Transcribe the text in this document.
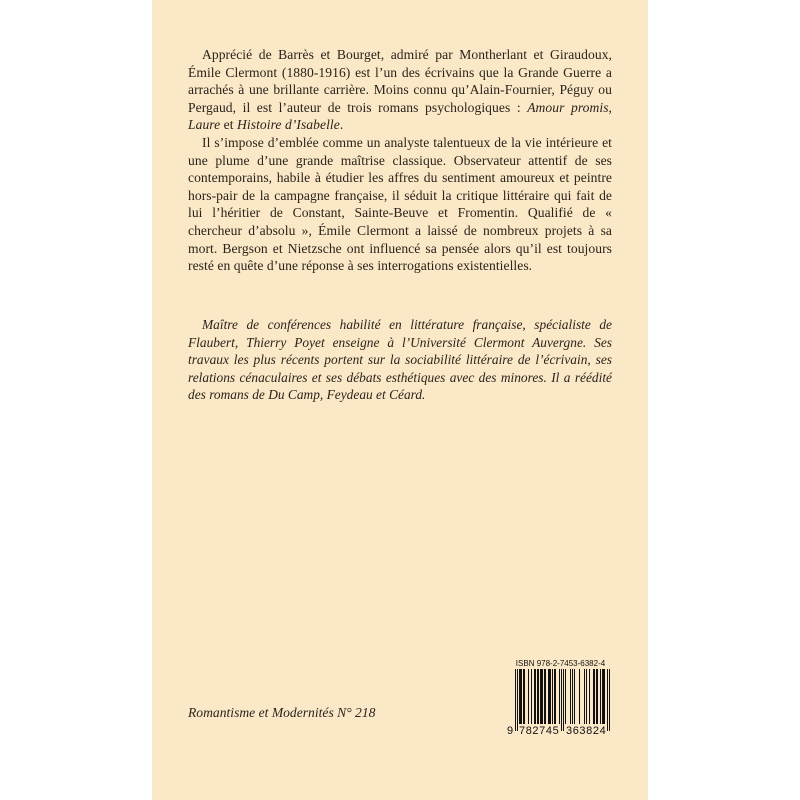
Apprécié de Barrès et Bourget, admiré par Montherlant et Giraudoux, Émile Clermont (1880-1916) est l’un des écrivains que la Grande Guerre a arrachés à une brillante carrière. Moins connu qu’Alain-Fournier, Péguy ou Pergaud, il est l’auteur de trois romans psychologiques : Amour promis, Laure et Histoire d’Isabelle.

Il s’impose d’emblée comme un analyste talentueux de la vie intérieure et une plume d’une grande maîtrise classique. Observateur attentif de ses contemporains, habile à étudier les affres du sentiment amoureux et peintre hors-pair de la campagne française, il séduit la critique littéraire qui fait de lui l’héritier de Constant, Sainte-Beuve et Fromentin. Qualifié de « chercheur d’absolu », Émile Clermont a laissé de nombreux projets à sa mort. Bergson et Nietzsche ont influencé sa pensée alors qu’il est toujours resté en quête d’une réponse à ses interrogations existentielles.

Maître de conférences habilité en littérature française, spécialiste de Flaubert, Thierry Poyet enseigne à l’Université Clermont Auvergne. Ses travaux les plus récents portent sur la sociabilité littéraire de l’écrivain, ses relations cénaculaires et ses débats esthétiques avec des minores. Il a réédité des romans de Du Camp, Feydeau et Céard.

Romantisme et Modernités N° 218
ISBN 978-2-7453-6382-4
9 782745 363824
